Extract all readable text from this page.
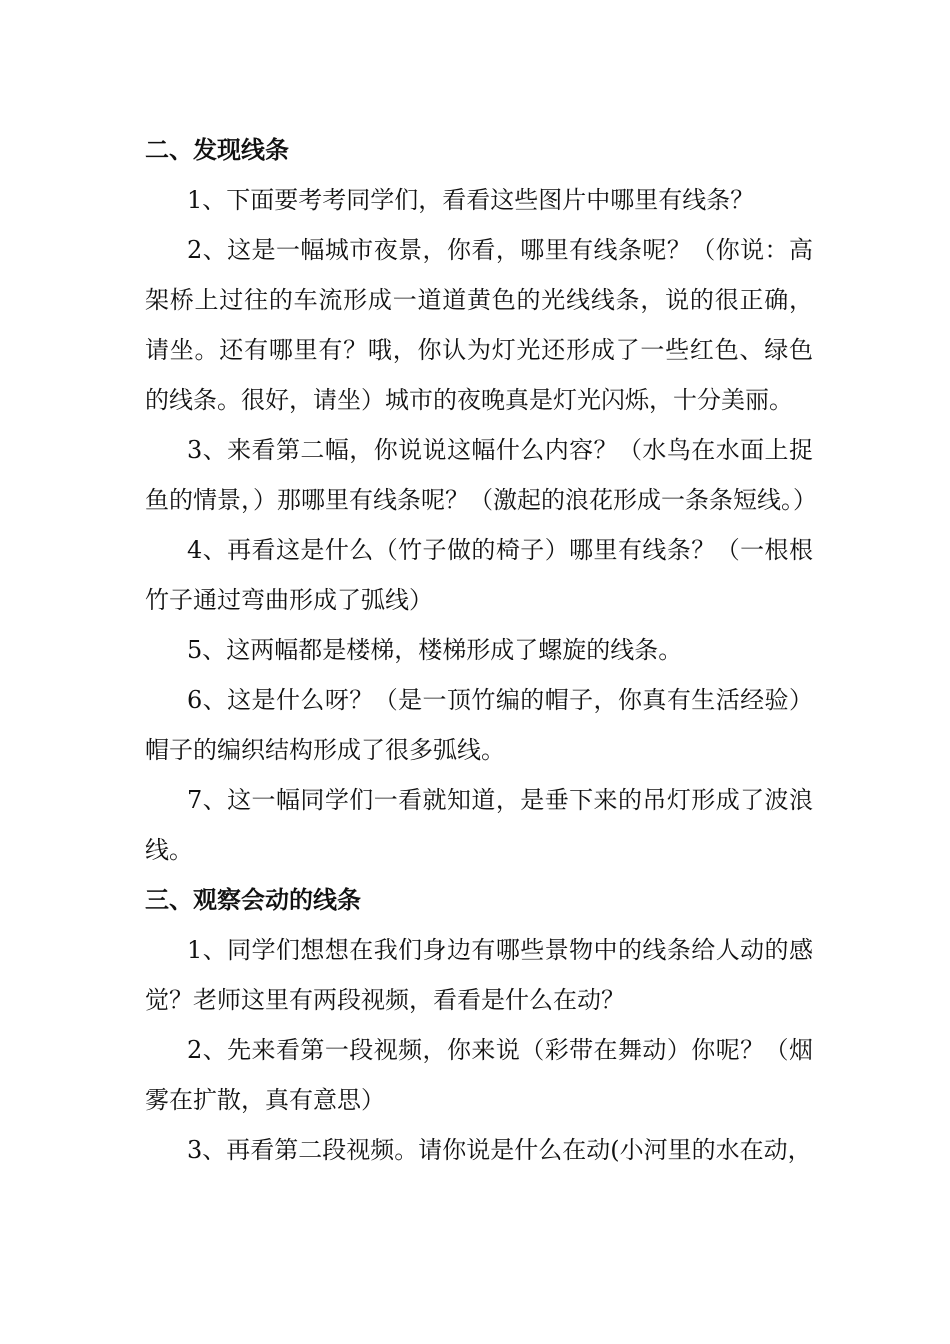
二、发现线条

1、下面要考考同学们，看看这些图片中哪里有线条？

2、这是一幅城市夜景，你看，哪里有线条呢？（你说：高架桥上过往的车流形成一道道黄色的光线线条，说的很正确，请坐。还有哪里有？哦，你认为灯光还形成了一些红色、绿色的线条。很好，请坐）城市的夜晚真是灯光闪烁，十分美丽。

3、来看第二幅，你说说这幅什么内容？（水鸟在水面上捉鱼的情景，）那哪里有线条呢？（激起的浪花形成一条条短线。）

4、再看这是什么（竹子做的椅子）哪里有线条？（一根根竹子通过弯曲形成了弧线）

5、这两幅都是楼梯，楼梯形成了螺旋的线条。

6、这是什么呀？（是一顶竹编的帽子，你真有生活经验）帽子的编织结构形成了很多弧线。

7、这一幅同学们一看就知道，是垂下来的吊灯形成了波浪线。

三、观察会动的线条

1、同学们想想在我们身边有哪些景物中的线条给人动的感觉？老师这里有两段视频，看看是什么在动？

2、先来看第一段视频，你来说（彩带在舞动）你呢？（烟雾在扩散，真有意思）

3、再看第二段视频。请你说是什么在动(小河里的水在动，
